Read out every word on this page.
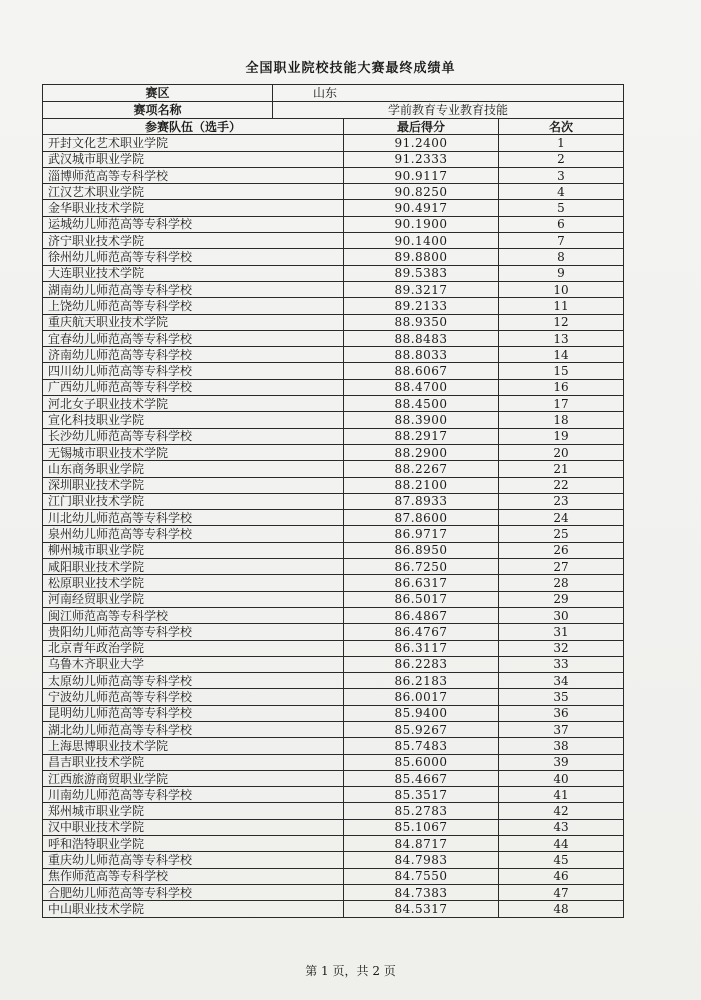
全国职业院校技能大赛最终成绩单
赛区	山东		
赛项名称	学前教育专业教育技能		
参赛队伍（选手）		最后得分	名次
开封文化艺术职业学院		91.2400	1
武汉城市职业学院		91.2333	2
淄博师范高等专科学校		90.9117	3
江汉艺术职业学院		90.8250	4
金华职业技术学院		90.4917	5
运城幼儿师范高等专科学校		90.1900	6
济宁职业技术学院		90.1400	7
徐州幼儿师范高等专科学校		89.8800	8
大连职业技术学院		89.5383	9
湖南幼儿师范高等专科学校		89.3217	10
上饶幼儿师范高等专科学校		89.2133	11
重庆航天职业技术学院		88.9350	12
宜春幼儿师范高等专科学校		88.8483	13
济南幼儿师范高等专科学校		88.8033	14
四川幼儿师范高等专科学校		88.6067	15
广西幼儿师范高等专科学校		88.4700	16
河北女子职业技术学院		88.4500	17
宣化科技职业学院		88.3900	18
长沙幼儿师范高等专科学校		88.2917	19
无锡城市职业技术学院		88.2900	20
山东商务职业学院		88.2267	21
深圳职业技术学院		88.2100	22
江门职业技术学院		87.8933	23
川北幼儿师范高等专科学校		87.8600	24
泉州幼儿师范高等专科学校		86.9717	25
柳州城市职业学院		86.8950	26
咸阳职业技术学院		86.7250	27
松原职业技术学院		86.6317	28
河南经贸职业学院		86.5017	29
闽江师范高等专科学校		86.4867	30
贵阳幼儿师范高等专科学校		86.4767	31
北京青年政治学院		86.3117	32
乌鲁木齐职业大学		86.2283	33
太原幼儿师范高等专科学校		86.2183	34
宁波幼儿师范高等专科学校		86.0017	35
昆明幼儿师范高等专科学校		85.9400	36
湖北幼儿师范高等专科学校		85.9267	37
上海思博职业技术学院		85.7483	38
昌吉职业技术学院		85.6000	39
江西旅游商贸职业学院		85.4667	40
川南幼儿师范高等专科学校		85.3517	41
郑州城市职业学院		85.2783	42
汉中职业技术学院		85.1067	43
呼和浩特职业学院		84.8717	44
重庆幼儿师范高等专科学校		84.7983	45
焦作师范高等专科学校		84.7550	46
合肥幼儿师范高等专科学校		84.7383	47
中山职业技术学院		84.5317	48
第 1 页，共 2 页
